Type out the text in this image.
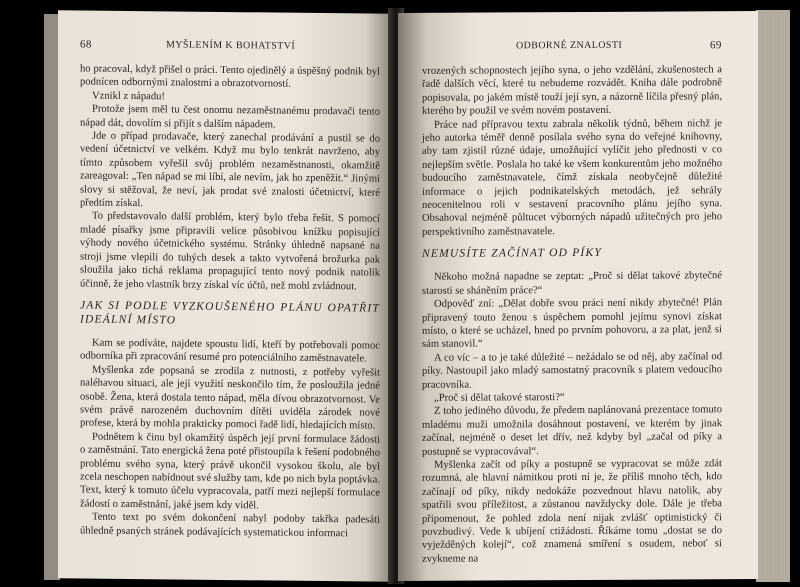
68	MYŠLENÍM K BOHATSTVÍ

ho pracoval, když přišel o práci. Tento ojedinělý a úspěšný podnik byl podnícen odbornými znalostmi a obrazotvorností.

Vznikl z nápadu!

Protože jsem měl tu čest onomu nezaměstnanému prodavači tento nápad dát, dovolím si přijít s dalším nápadem.

Jde o případ prodavače, který zanechal prodávání a pustil se do vedení účetnictví ve velkém. Když mu bylo tenkrát navrženo, aby tímto způsobem vyřešil svůj problém nezaměstnanosti, okamžitě zareagoval: „Ten nápad se mi líbí, ale nevím, jak ho zpeněžit.“ Jinými slovy si stěžoval, že neví, jak prodat své znalosti účetnictví, které předtím získal.

To představovalo další problém, který bylo třeba řešit. S pomocí mladé písařky jsme připravili velice působivou knížku popisující výhody nového účetnického systému. Stránky úhledně napsané na stroji jsme vlepili do tuhých desek a takto vytvořená brožurka pak sloužila jako tichá reklama propagující tento nový podnik natolik účinně, že jeho vlastník brzy získal víc účtů, než mohl zvládnout.

JAK SI PODLE VYZKOUŠENÉHO PLÁNU OPATŘIT IDEÁLNÍ MÍSTO

Kam se podíváte, najdete spoustu lidí, kteří by potřebovali pomoc odborníka při zpracování resumé pro potenciálního zaměstnavatele.

Myšlenka zde popsaná se zrodila z nutnosti, z potřeby vyřešit naléhavou situaci, ale její využití neskončilo tím, že posloužila jedné osobě. Žena, která dostala tento nápad, měla dívou obrazotvornost. Ve svém právě narozeném duchovním dítěti uviděla zárodek nové profese, která by mohla prakticky pomoci řadě lidí, hledajících místo.

Podnětem k činu byl okamžitý úspěch její první formulace žádosti o zaměstnání. Tato energická žena poté přistoupila k řešení podobného problému svého syna, který právě ukončil vysokou školu, ale byl zcela neschopen nabídnout své služby tam, kde po nich byla poptávka. Text, který k tomuto účelu vypracovala, patří mezi nejlepší formulace žádostí o zaměstnání, jaké jsem kdy viděl.

Tento text po svém dokončení nabyl podoby takřka padesáti úhledně psaných stránek podávajících systematickou informaci

ODBORNÉ ZNALOSTI	69

vrozených schopnostech jejího syna, o jeho vzdělání, zkušenostech a řadě dalších věcí, které tu nebudeme rozvádět. Kniha dále podrobně popisovala, po jakém místě touží její syn, a názorně líčila přesný plán, kterého by použil ve svém novém postavení.

Práce nad přípravou textu zabrala několik týdnů, během nichž je jeho autorka téměř denně posílala svého syna do veřejné knihovny, aby tam zjistil různé údaje, umožňující vylíčit jeho přednosti v co nejlepším světle. Poslala ho také ke všem konkurentům jeho možného budoucího zaměstnavatele, čímž získala neobyčejně důležité informace o jejich podnikatelských metodách, jež sehrály neocenitelnou roli v sestavení pracovního plánu jejího syna. Obsahoval nejméně půltucet výborných nápadů užitečných pro jeho perspektivního zaměstnavatele.

NEMUSÍTE ZAČÍNAT OD PÍKY

Někoho možná napadne se zeptat: „Proč si dělat takové zbytečné starosti se sháněním práce?“

Odpověď zní: „Dělat dobře svou práci není nikdy zbytečné! Plán připravený touto ženou s úspěchem pomohl jejímu synovi získat místo, o které se ucházel, hned po prvním pohovoru, a za plat, jenž si sám stanovil.“

A co víc – a to je také důležité – nežádalo se od něj, aby začínal od píky. Nastoupil jako mladý samostatný pracovník s platem vedoucího pracovníka.

„Proč si dělat takové starosti?“

Z toho jediného důvodu, že předem naplánovaná prezentace tomuto mladému muži umožnila dosáhnout postavení, ve kterém by jinak začínal, nejméně o deset let dřív, než kdyby byl „začal od píky a postupně se vypracovával“.

Myšlenka začít od píky a postupně se vypracovat se může zdát rozumná, ale hlavní námitkou proti ní je, že příliš mnoho těch, kdo začínají od píky, nikdy nedokáže pozvednout hlavu natolik, aby spatřili svou příležitost, a zůstanou navždycky dole. Dále je třeba připomenout, že pohled zdola není nijak zvlášť optimistický či povzbudivý. Vede k ubíjení ctižádosti. Říkáme tomu „dostat se do vyježděných kolejí“, což znamená smíření s osudem, neboť si zvykneme na
